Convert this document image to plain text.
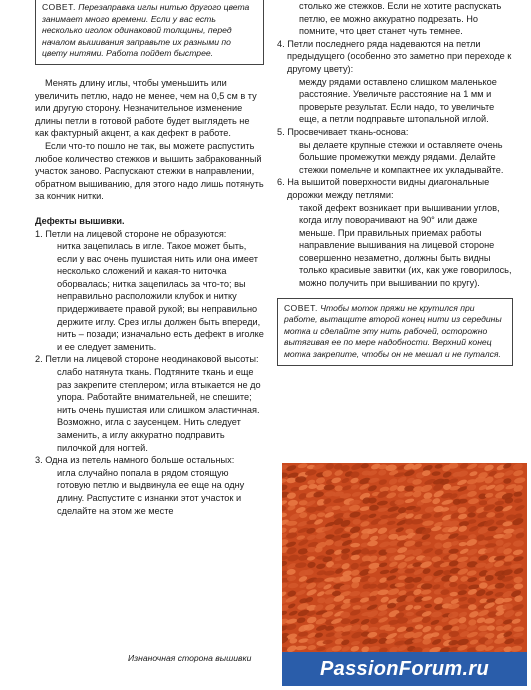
СОВЕТ. Перезаправка иглы нитью другого цвета занимает много времени. Если у вас есть несколько иголок одинаковой толщины, перед началом вышивания заправьте их разными по цвету нитями. Работа пойдет быстрее.

Менять длину иглы, чтобы уменьшить или увеличить петлю, надо не менее, чем на 0,5 см в ту или другую сторону. Незначительное изменение длины петли в готовой работе будет выглядеть не как фактурный акцент, а как дефект в работе.

Если что-то пошло не так, вы можете распустить любое количество стежков и вышить забракованный участок заново. Распускают стежки в направлении, обратном вышиванию, для этого надо лишь потянуть за кончик нитки.

Дефекты вышивки.

1. Петли на лицевой стороне не образуются:

нитка зацепилась в игле. Такое может быть, если у вас очень пушистая нить или она имеет несколько сложений и какая-то ниточка оборвалась; нитка зацепилась за что-то; вы неправильно расположили клубок и нитку придерживаете правой рукой; вы неправильно держите иглу. Срез иглы должен быть впереди, нить – позади; изначально есть дефект в иголке и ее следует заменить.

2. Петли на лицевой стороне неодинаковой высоты:

слабо натянута ткань. Подтяните ткань и еще раз закрепите степлером; игла втыкается не до упора. Работайте внимательней, не спешите; нить очень пушистая или слишком эластичная. Возможно, игла с заусенцем. Нить следует заменить, а иглу аккуратно подправить пилочкой для ногтей.

3. Одна из петель намного больше остальных:

игла случайно попала в рядом стоящую готовую петлю и выдвинула ее еще на одну длину. Распустите с изнанки этот участок и сделайте на этом же месте

столько же стежков. Если не хотите распускать петлю, ее можно аккуратно подрезать. Но помните, что цвет станет чуть темнее.

4. Петли последнего ряда надеваются на петли предыдущего (особенно это заметно при переходе к другому цвету):

между рядами оставлено слишком маленькое расстояние. Увеличьте расстояние на 1 мм и проверьте результат. Если надо, то увеличьте еще, а петли подправьте штопальной иглой.

5. Просвечивает ткань-основа:

вы делаете крупные стежки и оставляете очень большие промежутки между рядами. Делайте стежки помельче и компактнее их укладывайте.

6. На вышитой поверхности видны диагональные дорожки между петлями:

такой дефект возникает при вышивании углов, когда иглу поворачивают на 90° или даже меньше. При правильных приемах работы направление вышивания на лицевой стороне совершенно незаметно, должны быть видны только красивые завитки (их, как уже говорилось, можно получить при вышивании по кругу).

СОВЕТ. Чтобы моток пряжи не крутился при работе, вытащите второй конец нити из середины мотка и сделайте эту нить рабочей, осторожно вытягивая ее по мере надобности. Верхний конец мотка закрепите, чтобы он не мешал и не путался.
Изнаночная сторона вышивки	PassionForum.ru
